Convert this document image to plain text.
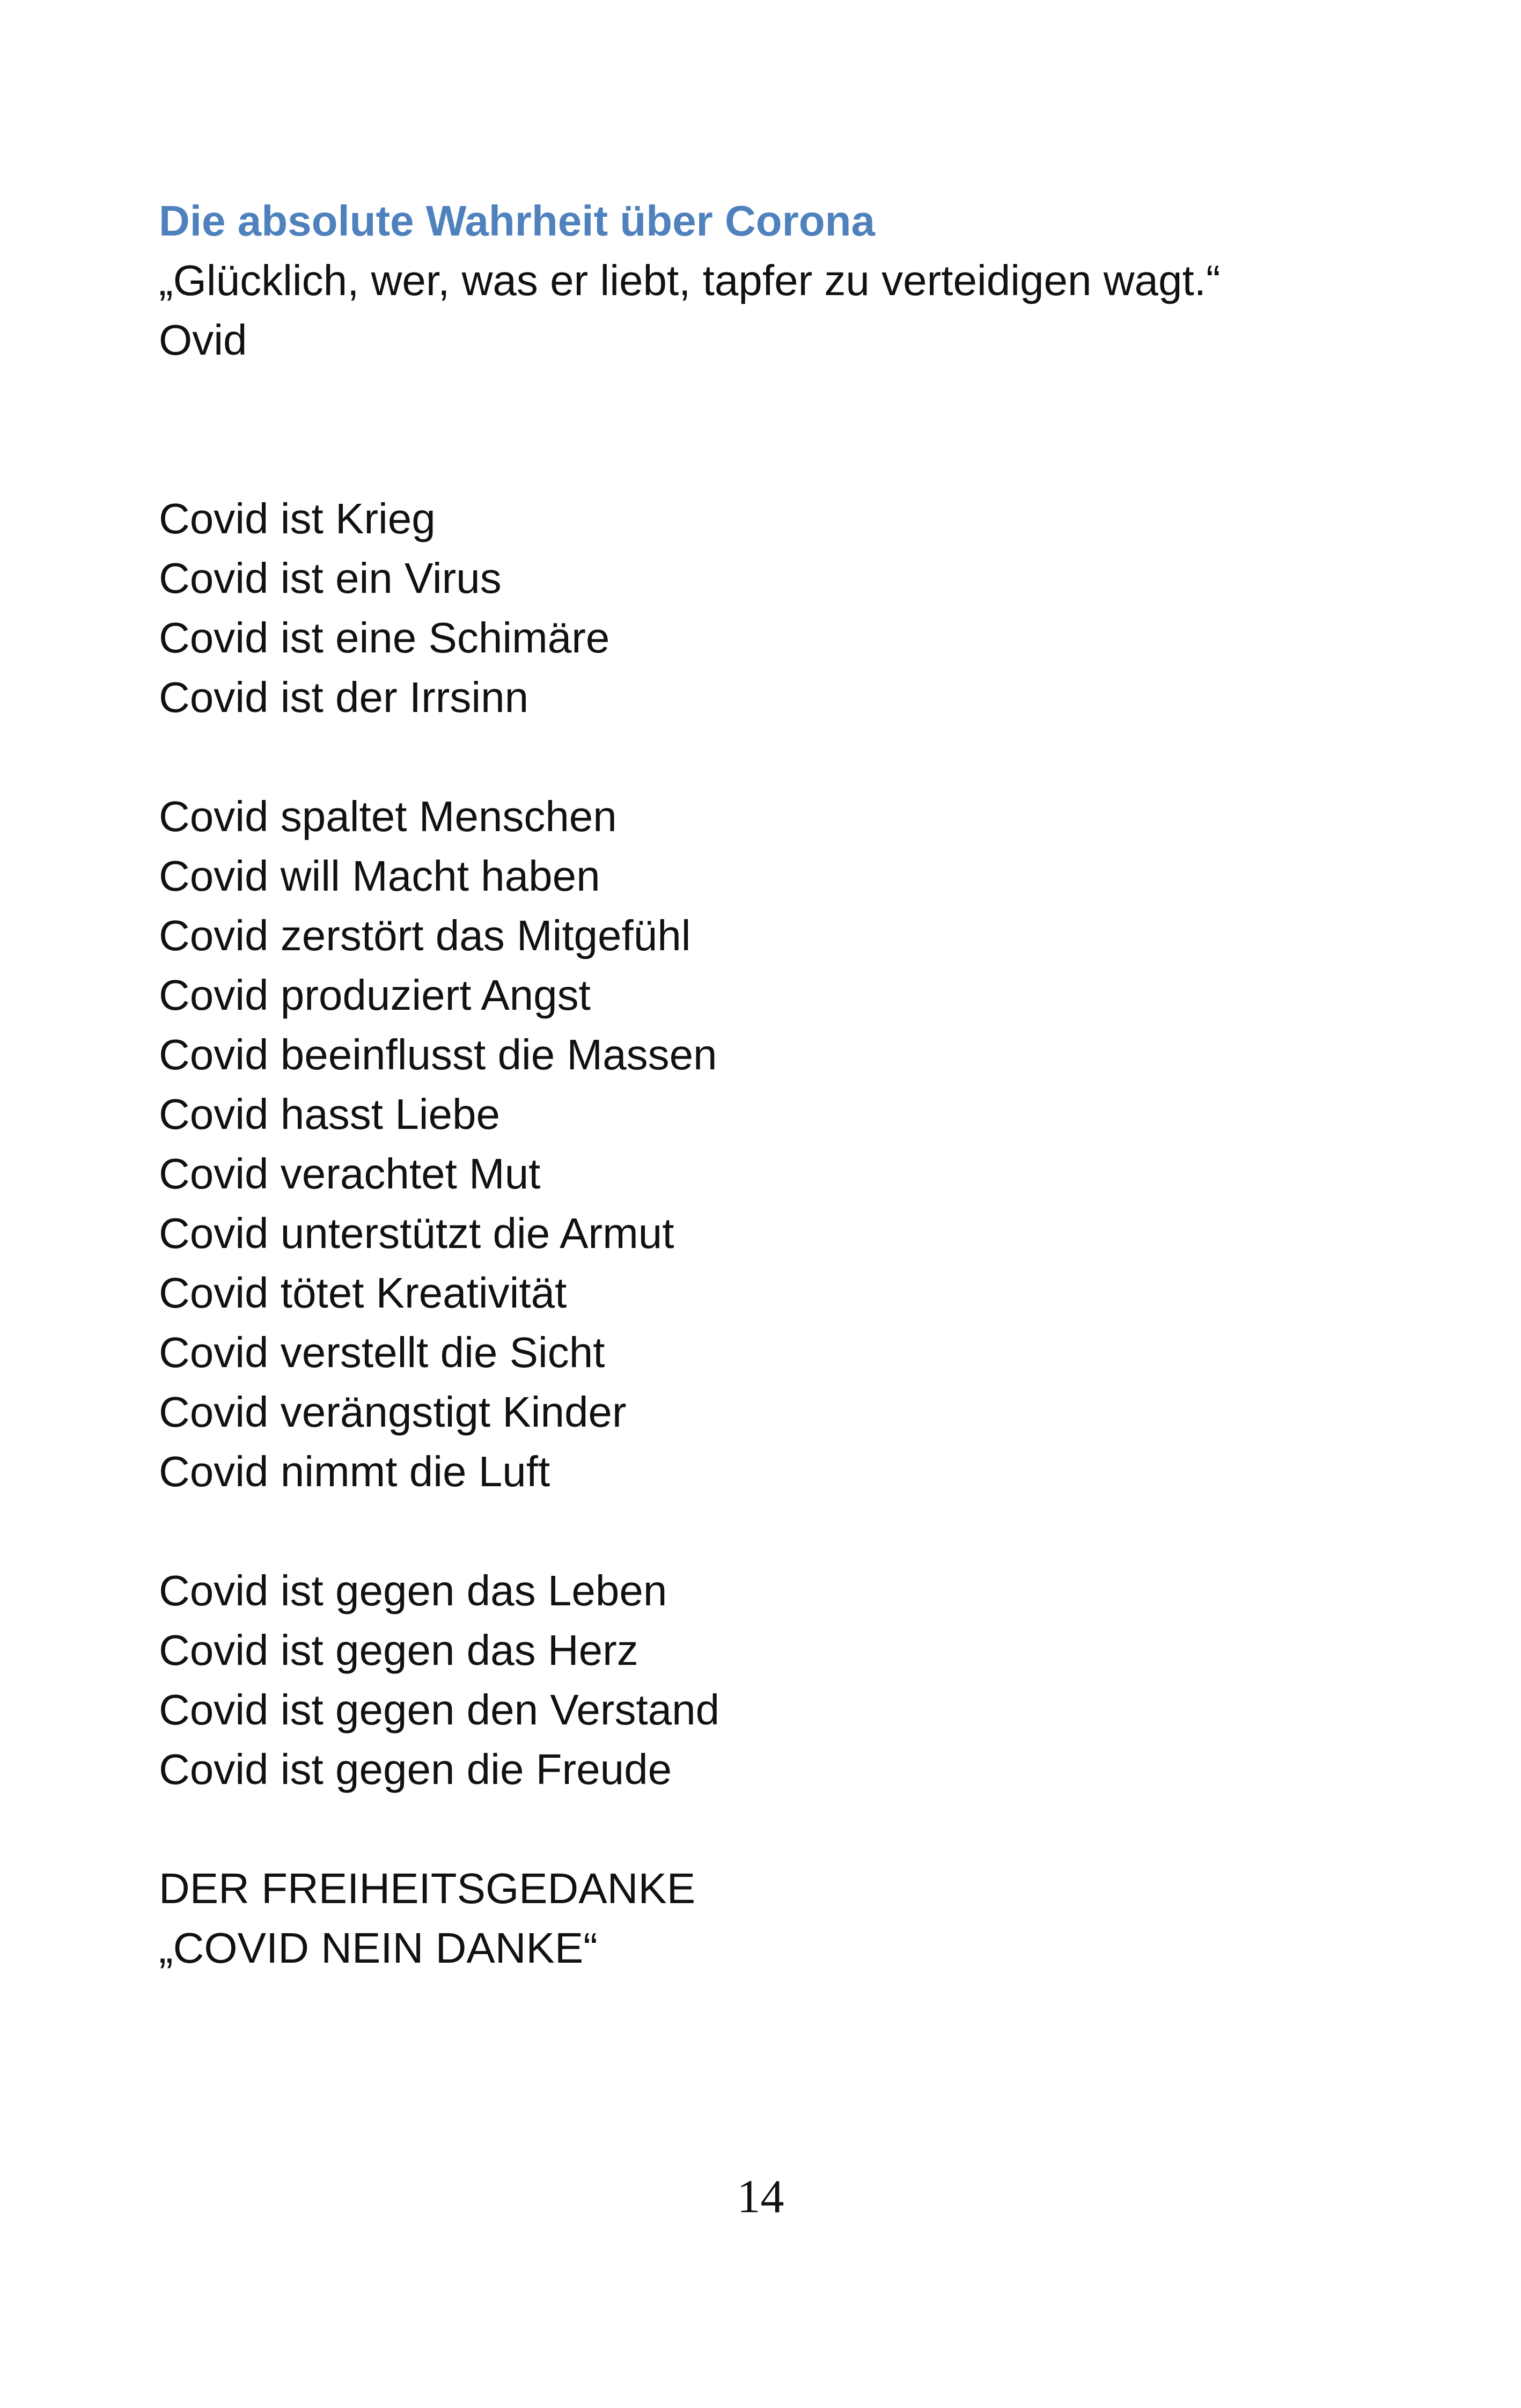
Die absolute Wahrheit über Corona
„Glücklich, wer, was er liebt, tapfer zu verteidigen wagt.“
Ovid
Covid ist Krieg
Covid ist ein Virus
Covid ist eine Schimäre
Covid ist der Irrsinn
Covid spaltet Menschen
Covid will Macht haben
Covid zerstört das Mitgefühl
Covid produziert Angst
Covid beeinflusst die Massen
Covid hasst Liebe
Covid verachtet Mut
Covid unterstützt die Armut
Covid tötet Kreativität
Covid verstellt die Sicht
Covid verängstigt Kinder
Covid nimmt die Luft
Covid ist gegen das Leben
Covid ist gegen das Herz
Covid ist gegen den Verstand
Covid ist gegen die Freude
DER FREIHEITSGEDANKE
„COVID NEIN DANKE“
14
